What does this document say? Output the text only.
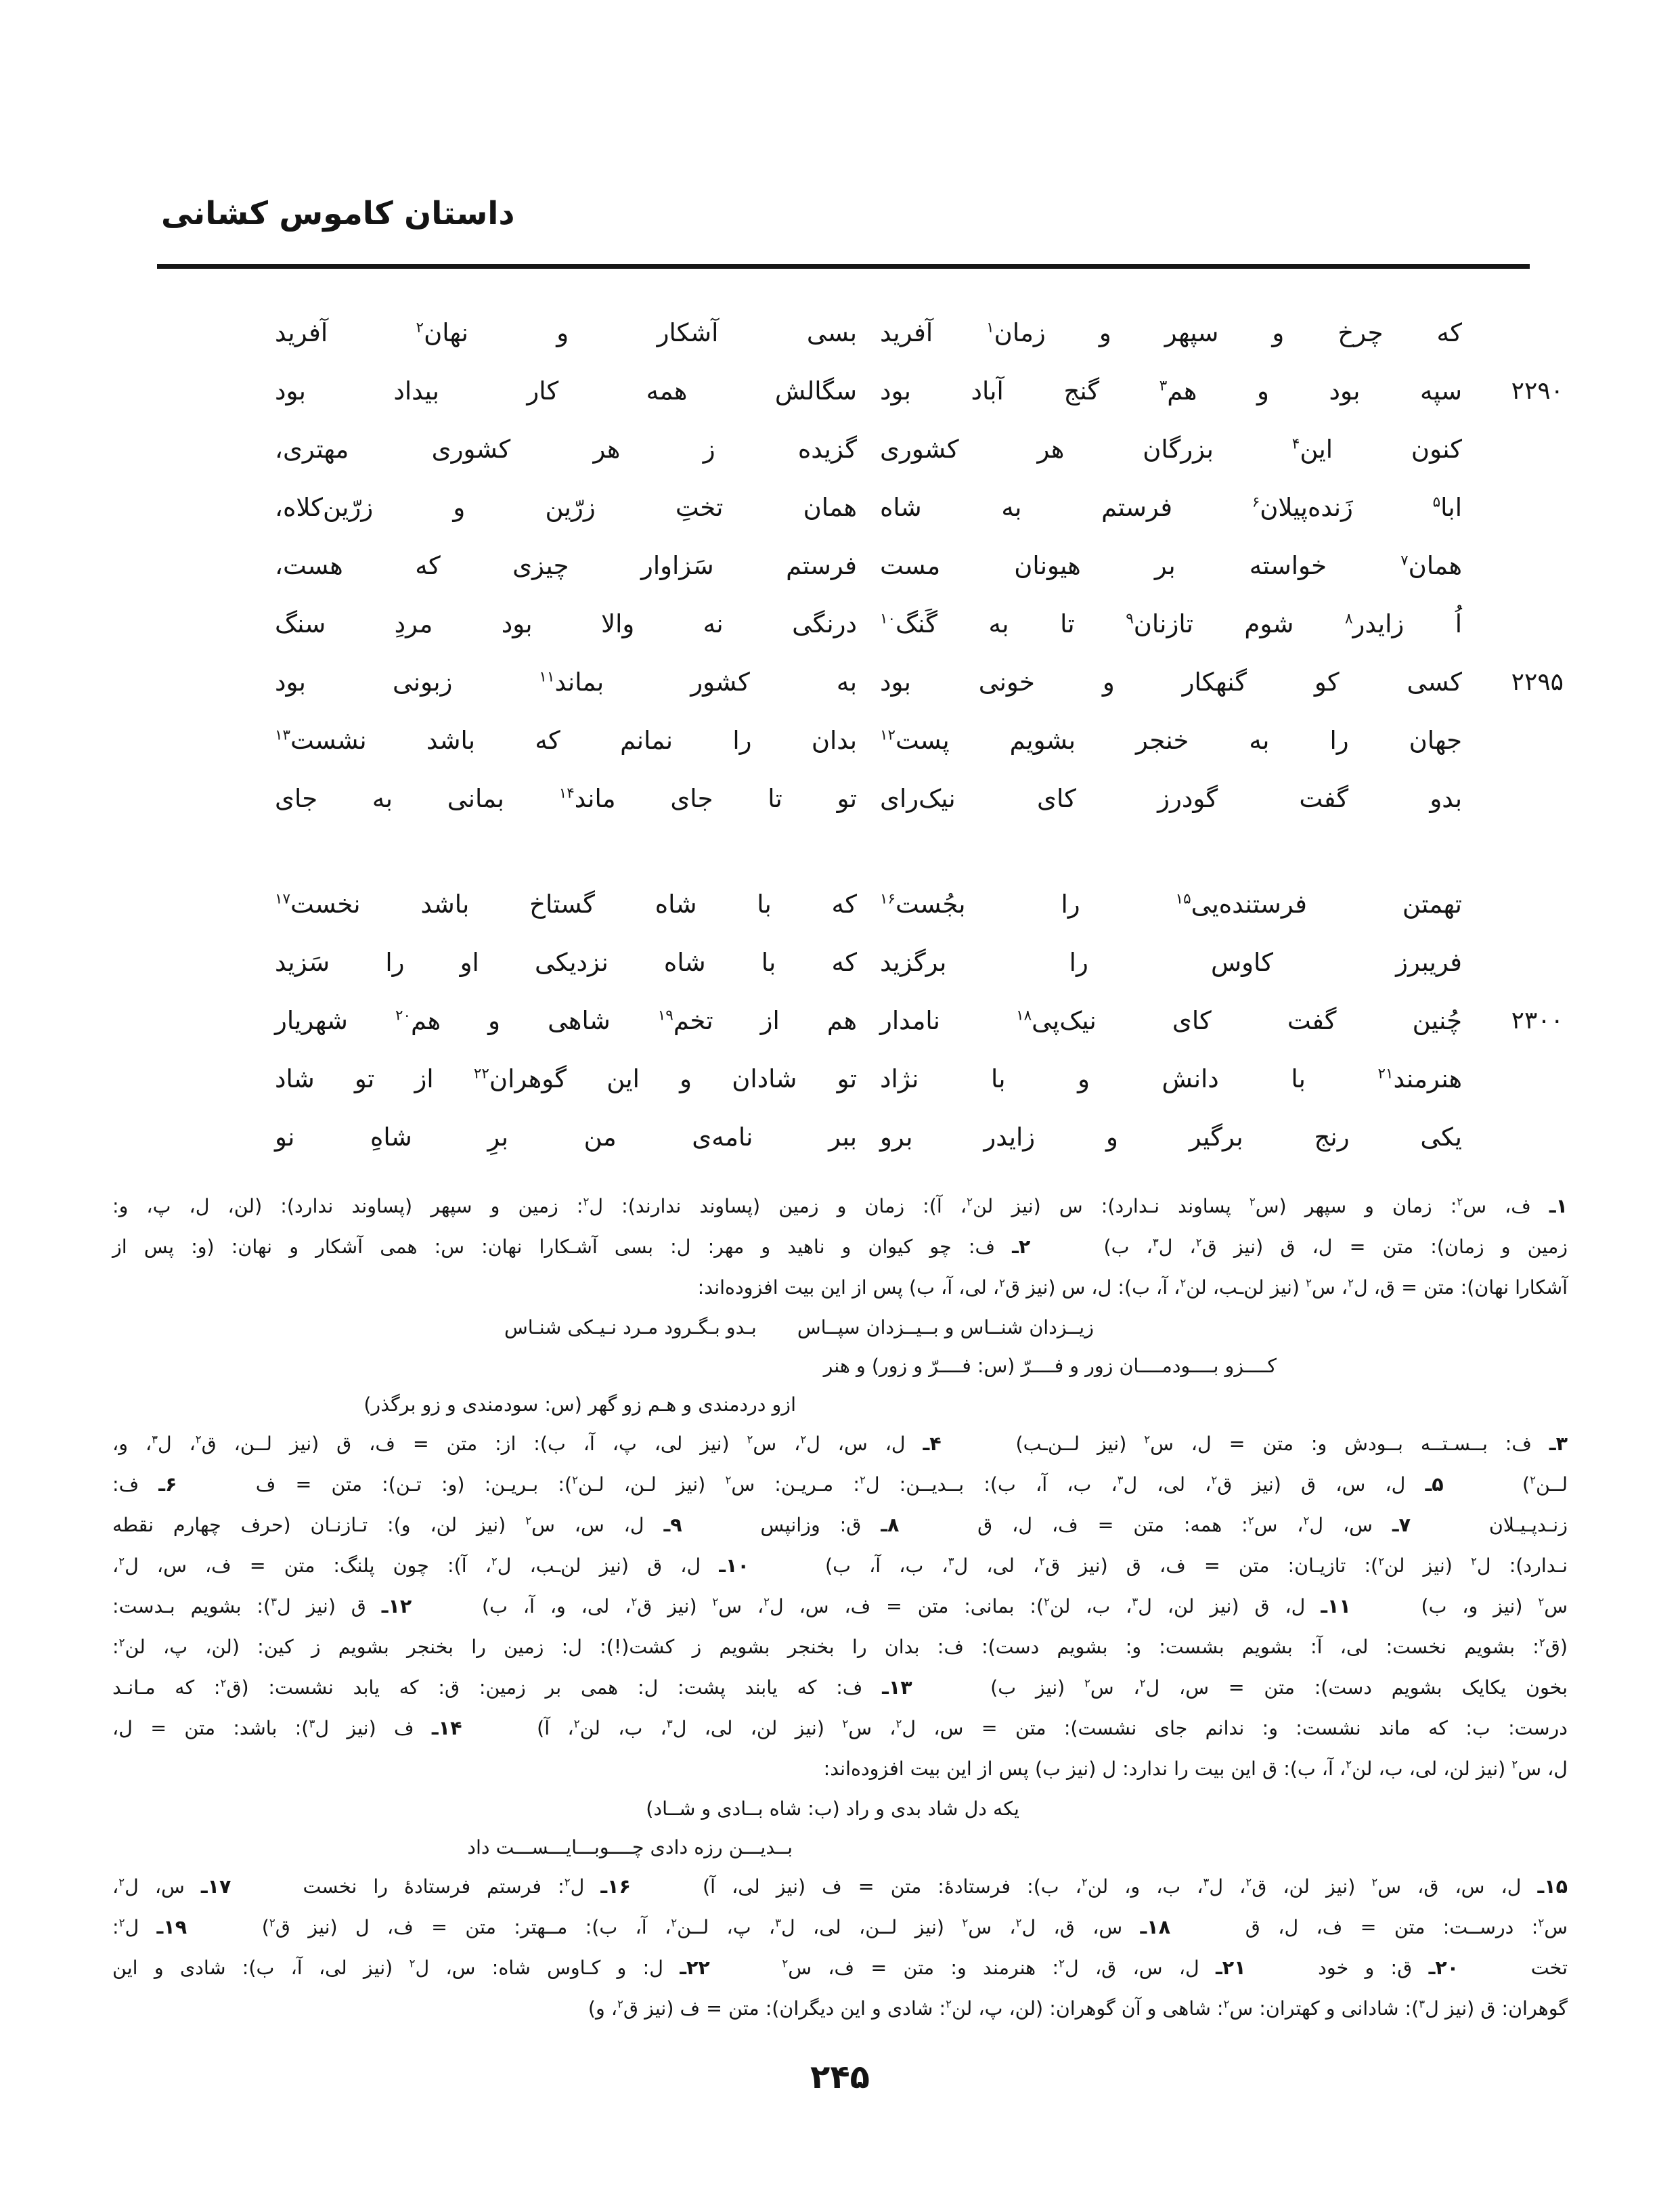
داستان کاموس کشانی
که چرخ و سپهر و زمان$^۱$ آفرید
بسی آشکار و نهان$^۲$ آفرید
۲۲۹۰
سپه بود و هم$^۳$ گنج آباد بود
سگالش همه کار بیداد بود
کنون این$^۴$ بزرگان هر کشوری
گزیده ز هر کشوری مهتری،
ابا$^۵$ زَنده‌پیلان$^۶$ فرستم به شاه
همان تختِ زرّین و زرّین‌کلاه،
همان$^۷$ خواسته بر هیونان مست
فرستم سَزاوار چیزی که هست،
اُ زایدر$^۸$ شوم تازنان$^۹$ تا به گَنگ$^{۱۰}$
درنگی نه والا بود مردِ سنگ
۲۲۹۵
کسی کو گنهکار و خونی بود
به کشور بماند$^{۱۱}$ زبونی بود
جهان را به خنجر بشویم پست$^{۱۲}$
بدان را نمانم که باشد نشست$^{۱۳}$
بدو گفت گودرز کای نیک‌رای
تو تا جای ماند$^{۱۴}$ بمانی به جای
تهمتن فرستنده‌یی$^{۱۵}$ را بجُست$^{۱۶}$
که با شاه گستاخ باشد نخست$^{۱۷}$
فریبرز کاوس را برگزید
که با شاه نزدیکی او را سَزید
۲۳۰۰
چُنین گفت کای نیک‌پی$^{۱۸}$ نامدار
هم از تخم$^{۱۹}$ شاهی و هم$^{۲۰}$ شهریار
هنرمند$^{۲۱}$ با دانش و با نژاد
تو شادان و این گوهران$^{۲۲}$ از تو شاد
یکی رنج برگیر و زایدر برو
ببر نامه‌ی من برِ شاهِ نو
۱ـ ف، س$^۲$: زمان و سپهر (س$^۲$ پساوند نـدارد): س (نیز لن$^۲$، آ): زمان و زمین (پساوند ندارند): ل$^۲$: زمین و سپهر (پساوند ندارد): (لن، ل، پ، و:
زمین و زمان): متن = ل، ق (نیز ق$^۲$، ل$^۳$، ب)  ۲ـ ف: چو کیوان و ناهید و مهر: ل: بسی آشـکارا نهان: س: همی آشکار و نهان: (و: پس از
آشکارا نهان): متن = ق، ل$^۲$، س$^۲$ (نیز لن‌ـب، لن$^۲$، آ، ب): ل، س (نیز ق$^۲$، لی، آ، ب) پس از این بیت افزوده‌اند:
زیــزدان شنــاس و بــیــزدان سپــاس
بـدو بـگـرود مـرد نـیـکی شنـاس
کــــزو بــــودمــــان زور و فــــرّ (س: فــــرّ و زور) و هنر
ازو دردمندی و هـم زو گهر (س: سودمندی و زو برگذر)
۳ـ ف: بــسـتــه بــودش و: متن = ل، س$^۲$ (نیز لــن‌ـب)  ۴ـ ل، س، ل$^۲$، س$^۲$ (نیز لی، پ، آ، ب): از: متن = ف، ق (نیز لــن، ق$^۲$، ل$^۳$، و،
لــن$^۲$)  ۵ـ ل، س، ق (نیز ق$^۲$، لی، ل$^۳$، ب، آ، ب): بــديــن: ل$^۲$: مـريـن: س$^۲$ (نیز لـن، لـن$^۲$): بـريـن: (و: تـن): متن = ف  ۶ـ ف:
زنـدپـيـلان  ۷ـ س، ل$^۲$، س$^۲$: همه: متن = ف، ل، ق  ۸ـ ق: وزانپس  ۹ـ ل، س، س$^۲$ (نیز لن، و): تـازنـان (حرف چهارم نقطه
نـدارد): ل$^۲$ (نیز لن$^۲$): تازیـان: متن = ف، ق (نیز ق$^۲$، لی، ل$^۳$، ب، آ، ب)  ۱۰ـ ل، ق (نیز لن‌ـب، ل$^۲$، آ): چون پلنگ: متن = ف، س، ل$^۲$،
س$^۲$ (نیز و، ب)  ۱۱ـ ل، ق (نیز لن، ل$^۳$، ب، لن$^۲$): بمانی: متن = ف، س، ل$^۲$، س$^۲$ (نیز ق$^۲$، لی، و، آ، ب)  ۱۲ـ ق (نیز ل$^۳$): بشویم بـدست:
(ق$^۲$: بشویم نخست: لی، آ: بشویم بشست: و: بشویم دست): ف: بدان را بخنجر بشویم ز کشت(!): ل: زمین را بخنجر بشویم ز کین: (لن، پ، لن$^۲$:
بخون یکایک بشویم دست): متن = س، ل$^۲$، س$^۲$ (نیز ب)  ۱۳ـ ف: که یابند پشت: ل: همی بر زمین: ق: که یابد نشست: (ق$^۲$: که مـانـد
درست: ب: که ماند نشست: و: ندانم جای نشست): متن = س، ل$^۲$، س$^۲$ (نیز لن، لی، ل$^۳$، ب، لن$^۲$، آ)  ۱۴ـ ف (نیز ل$^۳$): باشد: متن = ل،
ل، س$^۲$ (نیز لن، لی، ب، لن$^۲$، آ، ب): ق این بیت را ندارد: ل (نیز ب) پس از این بیت افزوده‌اند:
یکه دل شاد بدی و راد (ب: شاه بــادی و شــاد)
بــديـــن رزه دادی چــــوبـــايـــســـت داد
۱۵ـ ل، س، ق، س$^۲$ (نیز لن، ق$^۲$، ل$^۳$، ب، و، لن$^۲$، ب): فرستادهٔ: متن = ف (نیز لی، آ)  ۱۶ـ ل$^۲$: فرستم فرستادهٔ را نخست  ۱۷ـ س، ل$^۲$،
س$^۲$: درســت: متن = ف، ل، ق  ۱۸ـ س، ق، ل$^۲$، س$^۲$ (نیز لــن، لی، ل$^۳$، پ، لــن$^۲$، آ، ب): مــهتر: متن = ف، ل (نیز ق$^۲$)  ۱۹ـ ل$^۲$:
تخت  ۲۰ـ ق: و خود  ۲۱ـ ل، س، ق، ل$^۲$: هنرمند و: متن = ف، س$^۲$  ۲۲ـ ل: و کـاوس شاه: س، ل$^۲$ (نیز لی، آ، ب): شادی و این
گوهران: ق (نیز ل$^۳$): شادانی و کهتران: س$^۲$: شاهی و آن گوهران: (لن، پ، لن$^۲$: شادی و این دیگران): متن = ف (نیز ق$^۲$، و)
۲۴۵
